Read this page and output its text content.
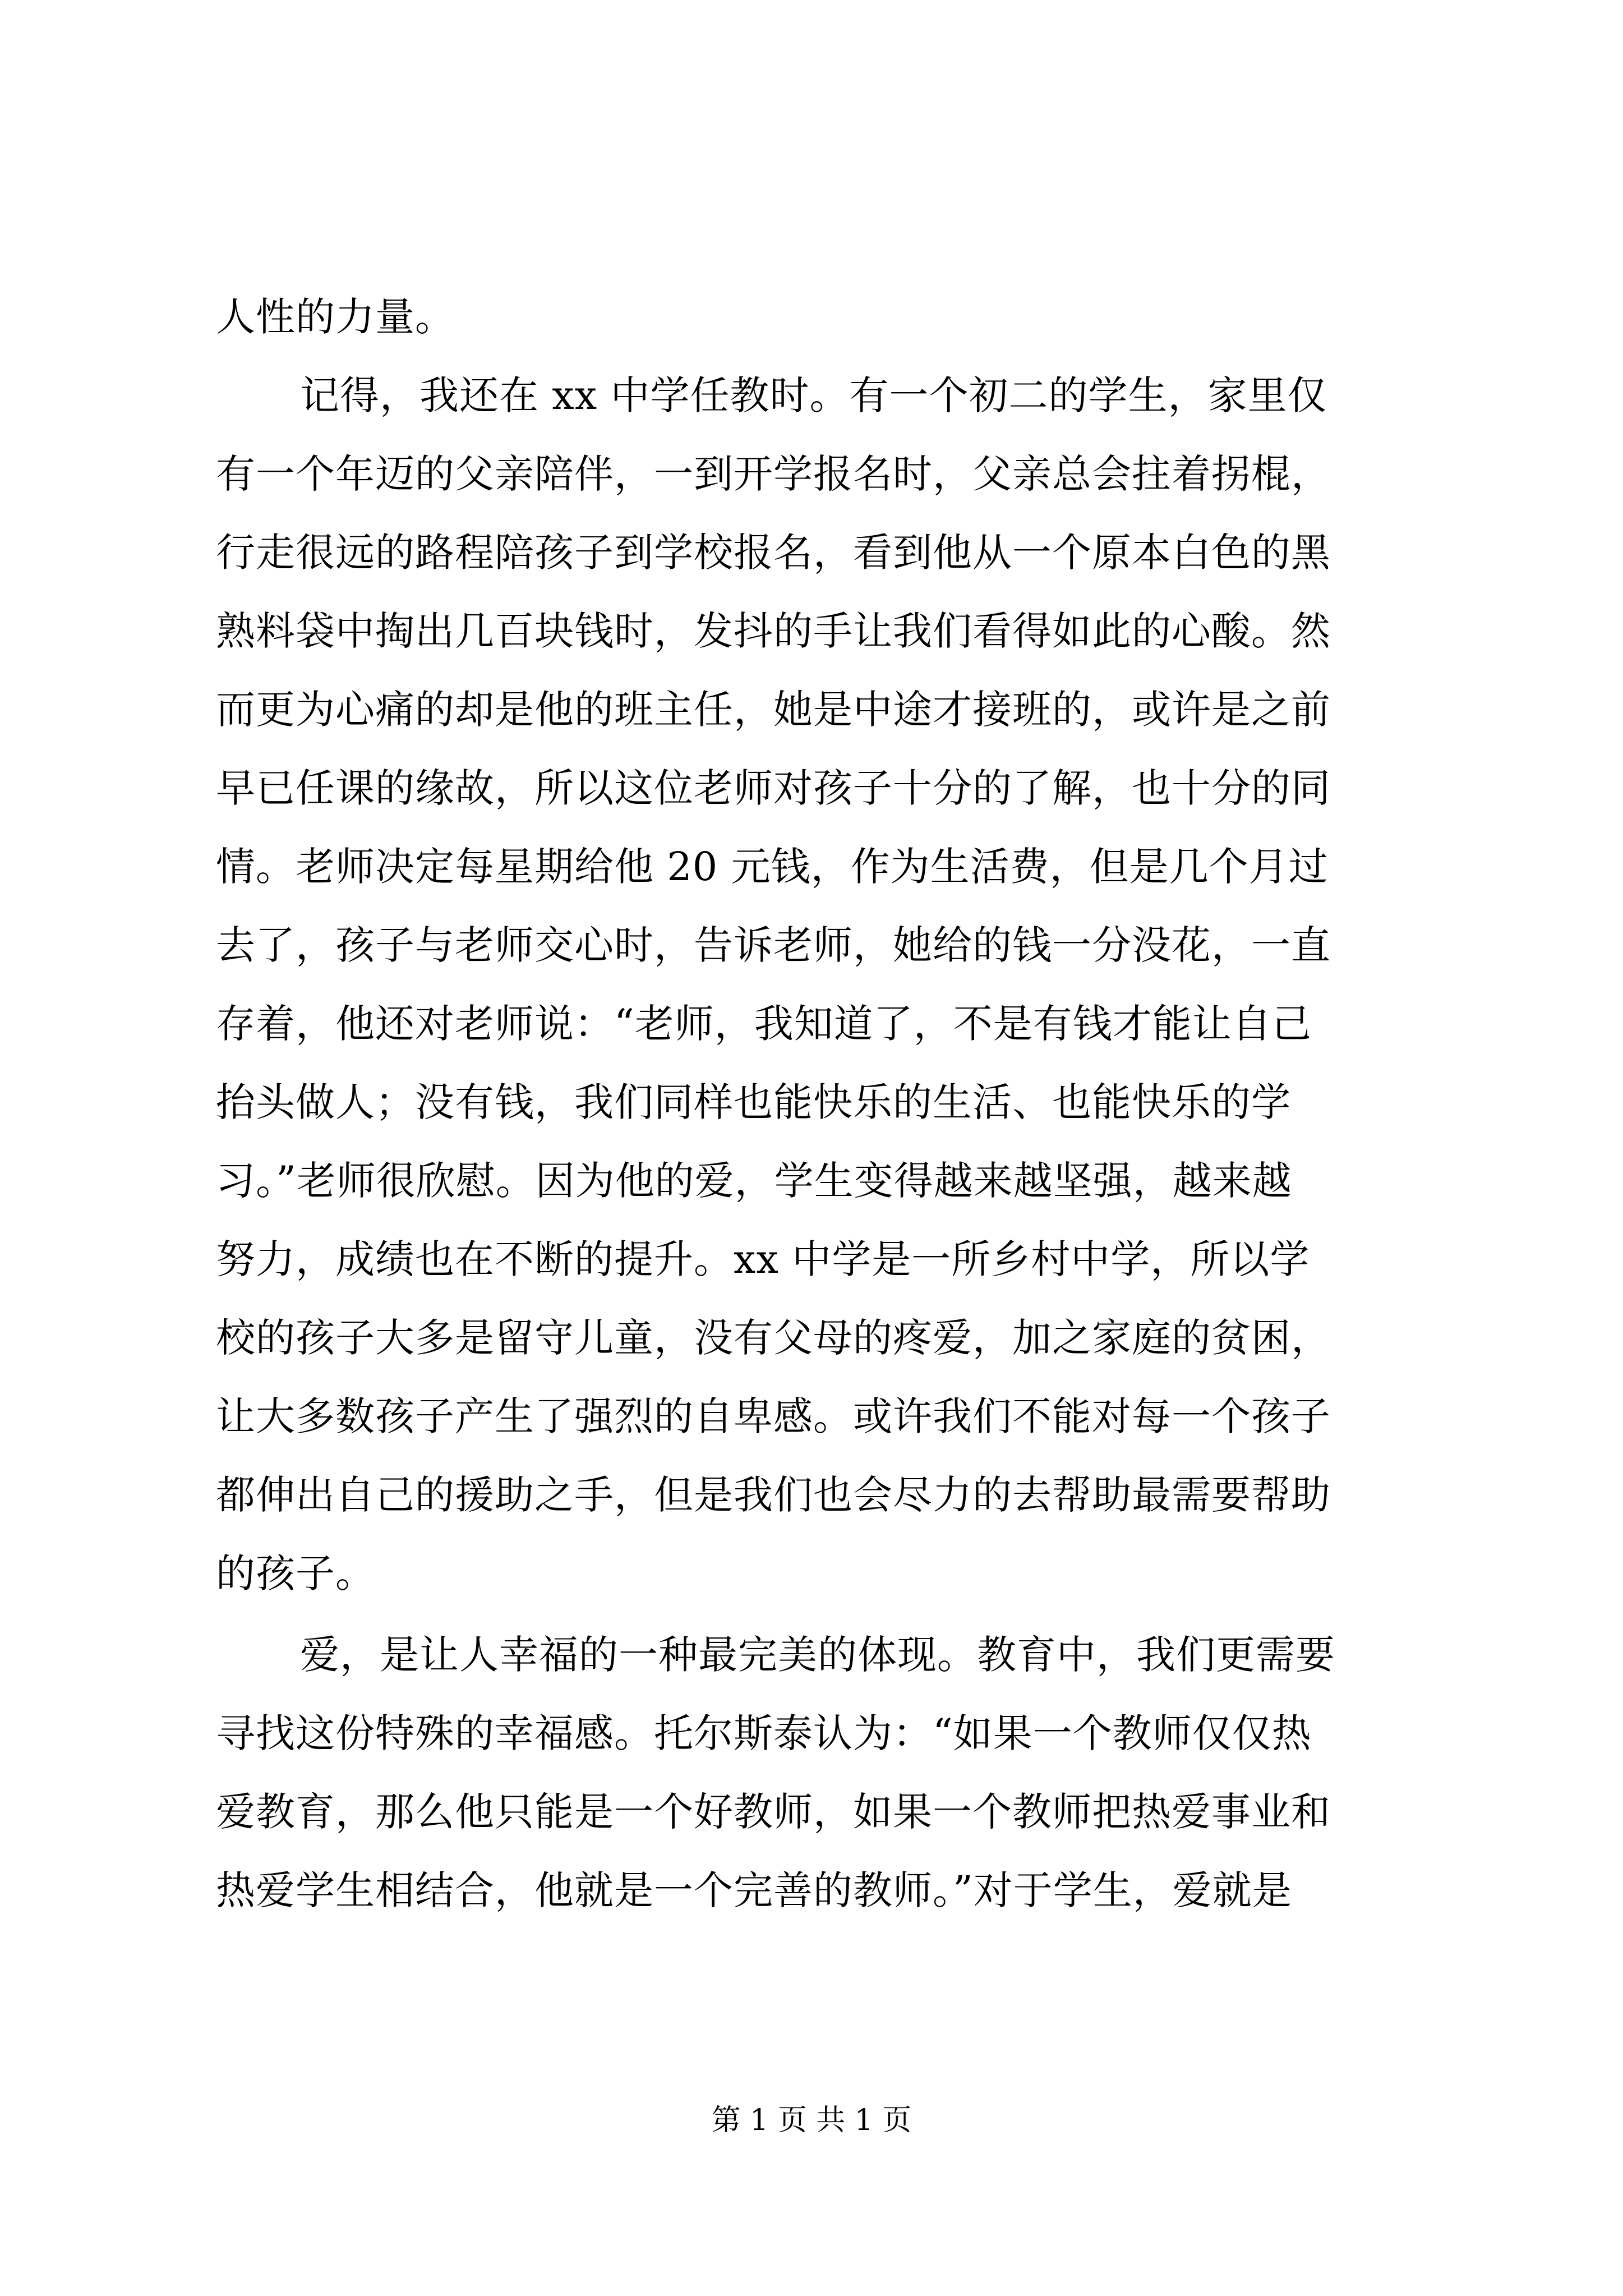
人性的力量。
记得，我还在 xx 中学任教时。有一个初二的学生，家里仅
有一个年迈的父亲陪伴，一到开学报名时，父亲总会拄着拐棍，
行走很远的路程陪孩子到学校报名，看到他从一个原本白色的黑
熟料袋中掏出几百块钱时，发抖的手让我们看得如此的心酸。然
而更为心痛的却是他的班主任，她是中途才接班的，或许是之前
早已任课的缘故，所以这位老师对孩子十分的了解，也十分的同
情。老师决定每星期给他 20 元钱，作为生活费，但是几个月过
去了，孩子与老师交心时，告诉老师，她给的钱一分没花，一直
存着，他还对老师说：“老师，我知道了，不是有钱才能让自己
抬头做人；没有钱，我们同样也能快乐的生活、也能快乐的学
习。”老师很欣慰。因为他的爱，学生变得越来越坚强，越来越
努力，成绩也在不断的提升。xx 中学是一所乡村中学，所以学
校的孩子大多是留守儿童，没有父母的疼爱，加之家庭的贫困，
让大多数孩子产生了强烈的自卑感。或许我们不能对每一个孩子
都伸出自己的援助之手，但是我们也会尽力的去帮助最需要帮助
的孩子。
爱，是让人幸福的一种最完美的体现。教育中，我们更需要
寻找这份特殊的幸福感。托尔斯泰认为：“如果一个教师仅仅热
爱教育，那么他只能是一个好教师，如果一个教师把热爱事业和
热爱学生相结合，他就是一个完善的教师。”对于学生，爱就是
第 1 页 共 1 页
